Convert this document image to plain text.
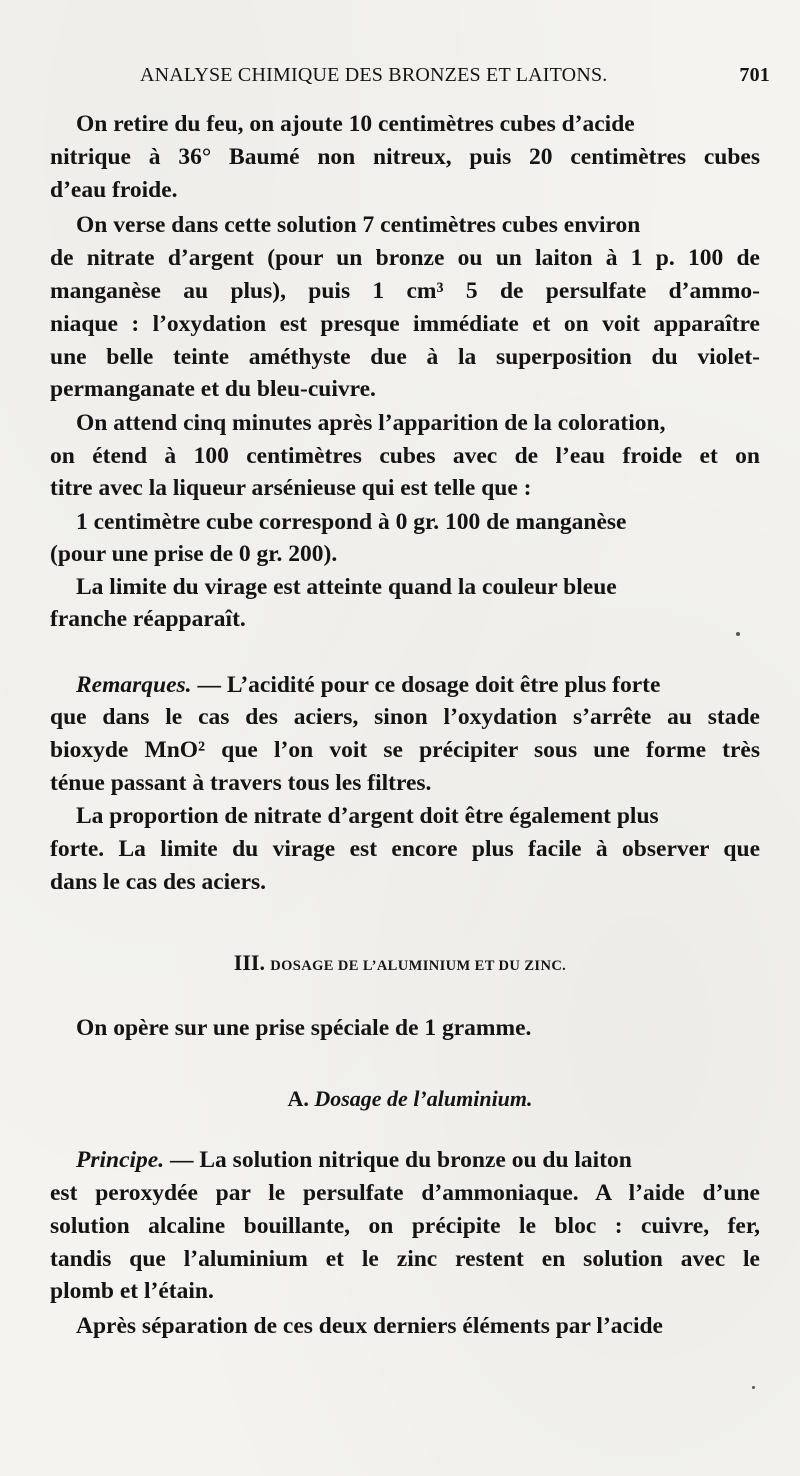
ANALYSE CHIMIQUE DES BRONZES ET LAITONS.	701
On retire du feu, on ajoute 10 centimètres cubes d’acide
nitrique à 36° Baumé non nitreux, puis 20 centimètres cubes
d’eau froide.
On verse dans cette solution 7 centimètres cubes environ
de nitrate d’argent (pour un bronze ou un laiton à 1 p. 100 de
manganèse au plus), puis 1 cm³ 5 de persulfate d’ammo-
niaque : l’oxydation est presque immédiate et on voit apparaître
une belle teinte améthyste due à la superposition du violet-
permanganate et du bleu-cuivre.
On attend cinq minutes après l’apparition de la coloration,
on étend à 100 centimètres cubes avec de l’eau froide et on
titre avec la liqueur arsénieuse qui est telle que :
1 centimètre cube correspond à 0 gr. 100 de manganèse
(pour une prise de 0 gr. 200).
La limite du virage est atteinte quand la couleur bleue
franche réapparaît.
Remarques. — L’acidité pour ce dosage doit être plus forte
que dans le cas des aciers, sinon l’oxydation s’arrête au stade
bioxyde MnO² que l’on voit se précipiter sous une forme très
ténue passant à travers tous les filtres.
La proportion de nitrate d’argent doit être également plus
forte. La limite du virage est encore plus facile à observer que
dans le cas des aciers.
III. DOSAGE DE L’ALUMINIUM ET DU ZINC.
On opère sur une prise spéciale de 1 gramme.
A. Dosage de l’aluminium.
Principe. — La solution nitrique du bronze ou du laiton
est peroxydée par le persulfate d’ammoniaque. A l’aide d’une
solution alcaline bouillante, on précipite le bloc : cuivre, fer,
tandis que l’aluminium et le zinc restent en solution avec le
plomb et l’étain.
Après séparation de ces deux derniers éléments par l’acide
